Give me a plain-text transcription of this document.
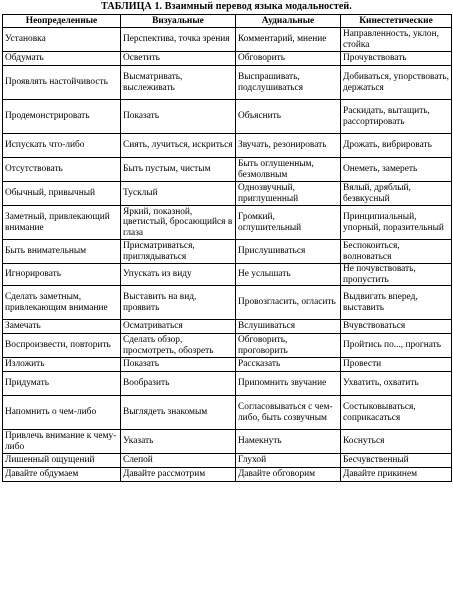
ТАБЛИЦА 1. Взаимный перевод языка модальностей.
Неопределенные	Визуальные	Аудиальные	Кинестетические
Установка	Перспектива, точка зрения	Комментарий, мнение	Направленность, уклон, стойка
Обдумать	Осветить	Обговорить	Прочувствовать
Проявлять настойчивость	Высматривать, выслеживать	Выспрашивать, подслушиваться	Добиваться, упорствовать, держаться
Продемонстрировать	Показать	Объяснить	Раскидать, вытащить, рассортировать
Испускать что-либо	Сиять, лучиться, искриться	Звучать, резонировать	Дрожать, вибрировать
Отсутствовать	Быть пустым, чистым	Быть оглушенным, безмолвным	Онеметь, замереть
Обычный, привычный	Тусклый	Однозвучный, приглушенный	Вялый, дряблый, безвкусный
Заметный, привлекающий внимание	Яркий, показной, цветистый, бросающийся в глаза	Громкий, оглушительный	Принципиальный, упорный, поразительный
Быть внимательным	Присматриваться, приглядываться	Прислушиваться	Беспокоиться, волноваться
Игнорировать	Упускать из виду	Не услышать	Не почувствовать, пропустить
Сделать заметным, привлекающим внимание	Выставить на вид, проявить	Провозгласить, огласить	Выдвигать вперед, выставить
Замечать	Осматриваться	Вслушиваться	Вчувствоваться
Воспроизвести, повторить	Сделать обзор, просмотреть, обозреть	Обговорить, проговорить	Пройтись по..., прогнать
Изложить	Показать	Рассказать	Провести
Придумать	Вообразить	Припомнить звучание	Ухватить, охватить
Напомнить о чем-либо	Выглядеть знакомым	Согласовываться с чем-либо, быть созвучным	Состыковываться, соприкасаться
Привлечь внимание к чему-либо	Указать	Намекнуть	Коснуться
Лишенный ощущений	Слепой	Глухой	Бесчувственный
Давайте обдумаем	Давайте рассмотрим	Давайте обговорим	Давайте прикинем
